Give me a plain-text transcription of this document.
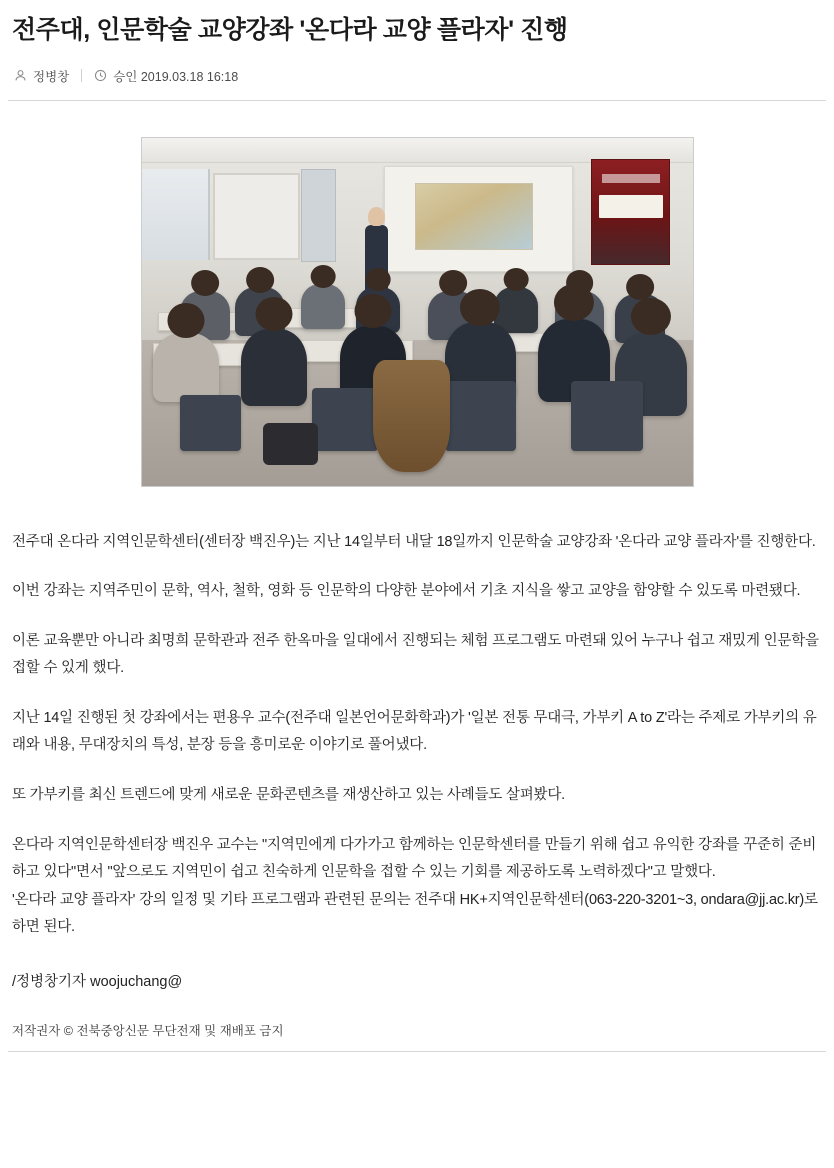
전주대, 인문학술 교양강좌 '온다라 교양 플라자' 진행
정병창	승인 2019.03.18 16:18

전주대 온다라 지역인문학센터(센터장 백진우)는 지난 14일부터 내달 18일까지 인문학술 교양강좌 '온다라 교양 플라자'를 진행한다.

이번 강좌는 지역주민이 문학, 역사, 철학, 영화 등 인문학의 다양한 분야에서 기초 지식을 쌓고 교양을 함양할 수 있도록 마련됐다.

이론 교육뿐만 아니라 최명희 문학관과 전주 한옥마을 일대에서 진행되는 체험 프로그램도 마련돼 있어 누구나 쉽고 재밌게 인문학을 접할 수 있게 했다.

지난 14일 진행된 첫 강좌에서는 편용우 교수(전주대 일본언어문화학과)가 '일본 전통 무대극, 가부키 A to Z'라는 주제로 가부키의 유래와 내용, 무대장치의 특성, 분장 등을 흥미로운 이야기로 풀어냈다.

또 가부키를 최신 트렌드에 맞게 새로운 문화콘텐츠를 재생산하고 있는 사례들도 살펴봤다.

온다라 지역인문학센터장 백진우 교수는 "지역민에게 다가가고 함께하는 인문학센터를 만들기 위해 쉽고 유익한 강좌를 꾸준히 준비하고 있다"면서 "앞으로도 지역민이 쉽고 친숙하게 인문학을 접할 수 있는 기회를 제공하도록 노력하겠다"고 말했다.

'온다라 교양 플라자' 강의 일정 및 기타 프로그램과 관련된 문의는 전주대 HK+지역인문학센터(063-220-3201~3, ondara@jj.ac.kr)로 하면 된다.

/정병창기자 woojuchang@
저작권자 © 전북중앙신문 무단전재 및 재배포 금지
